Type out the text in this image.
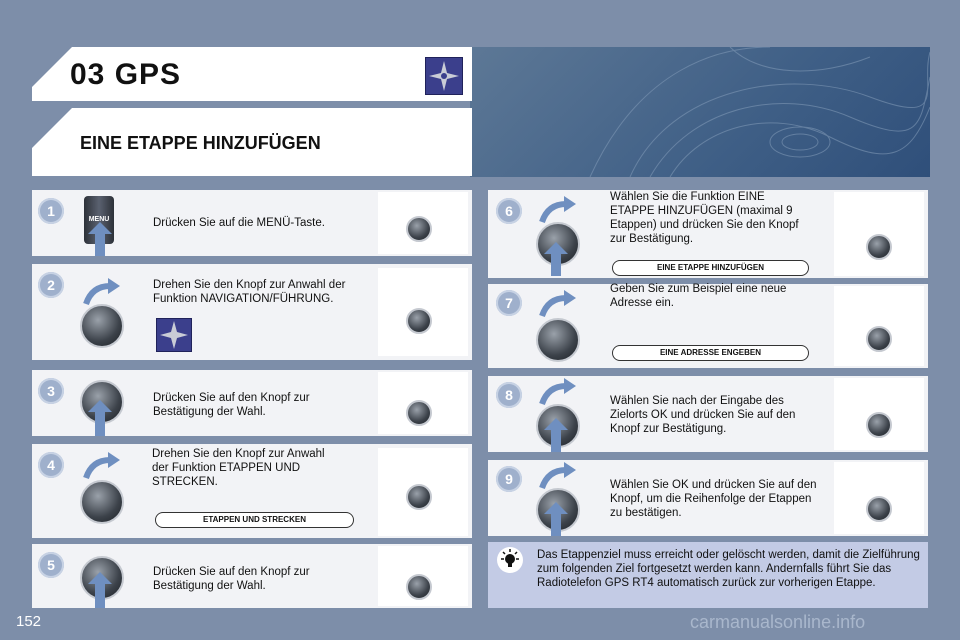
03 GPS
EINE ETAPPE HINZUFÜGEN
1
MENU	Drücken Sie auf die MENÜ-Taste.
2	Drehen Sie den Knopf zur Anwahl der Funktion NAVIGATION/FÜHRUNG.
3	Drücken Sie auf den Knopf zur Bestätigung der Wahl.
4
Drehen Sie den Knopf zur Anwahl der Funktion ETAPPEN UND STRECKEN.
ETAPPEN UND STRECKEN
5	Drücken Sie auf den Knopf zur Bestätigung der Wahl.
6
Wählen Sie die Funktion EINE ETAPPE HINZUFÜGEN (maximal 9 Etappen) und drücken Sie den Knopf zur Bestätigung.
EINE ETAPPE HINZUFÜGEN
7
Geben Sie zum Beispiel eine neue Adresse ein.
EINE ADRESSE ENGEBEN
8	Wählen Sie nach der Eingabe des Zielorts OK und drücken Sie auf den Knopf zur Bestätigung.
9	Wählen Sie OK und drücken Sie auf den Knopf, um die Reihenfolge der Etappen zu bestätigen.
Das Etappenziel muss erreicht oder gelöscht werden, damit die Zielführung zum folgenden Ziel fortgesetzt werden kann. Andernfalls führt Sie das Radiotelefon GPS RT4 automatisch zurück zur vorherigen Etappe.
152	carmanualsonline.info
